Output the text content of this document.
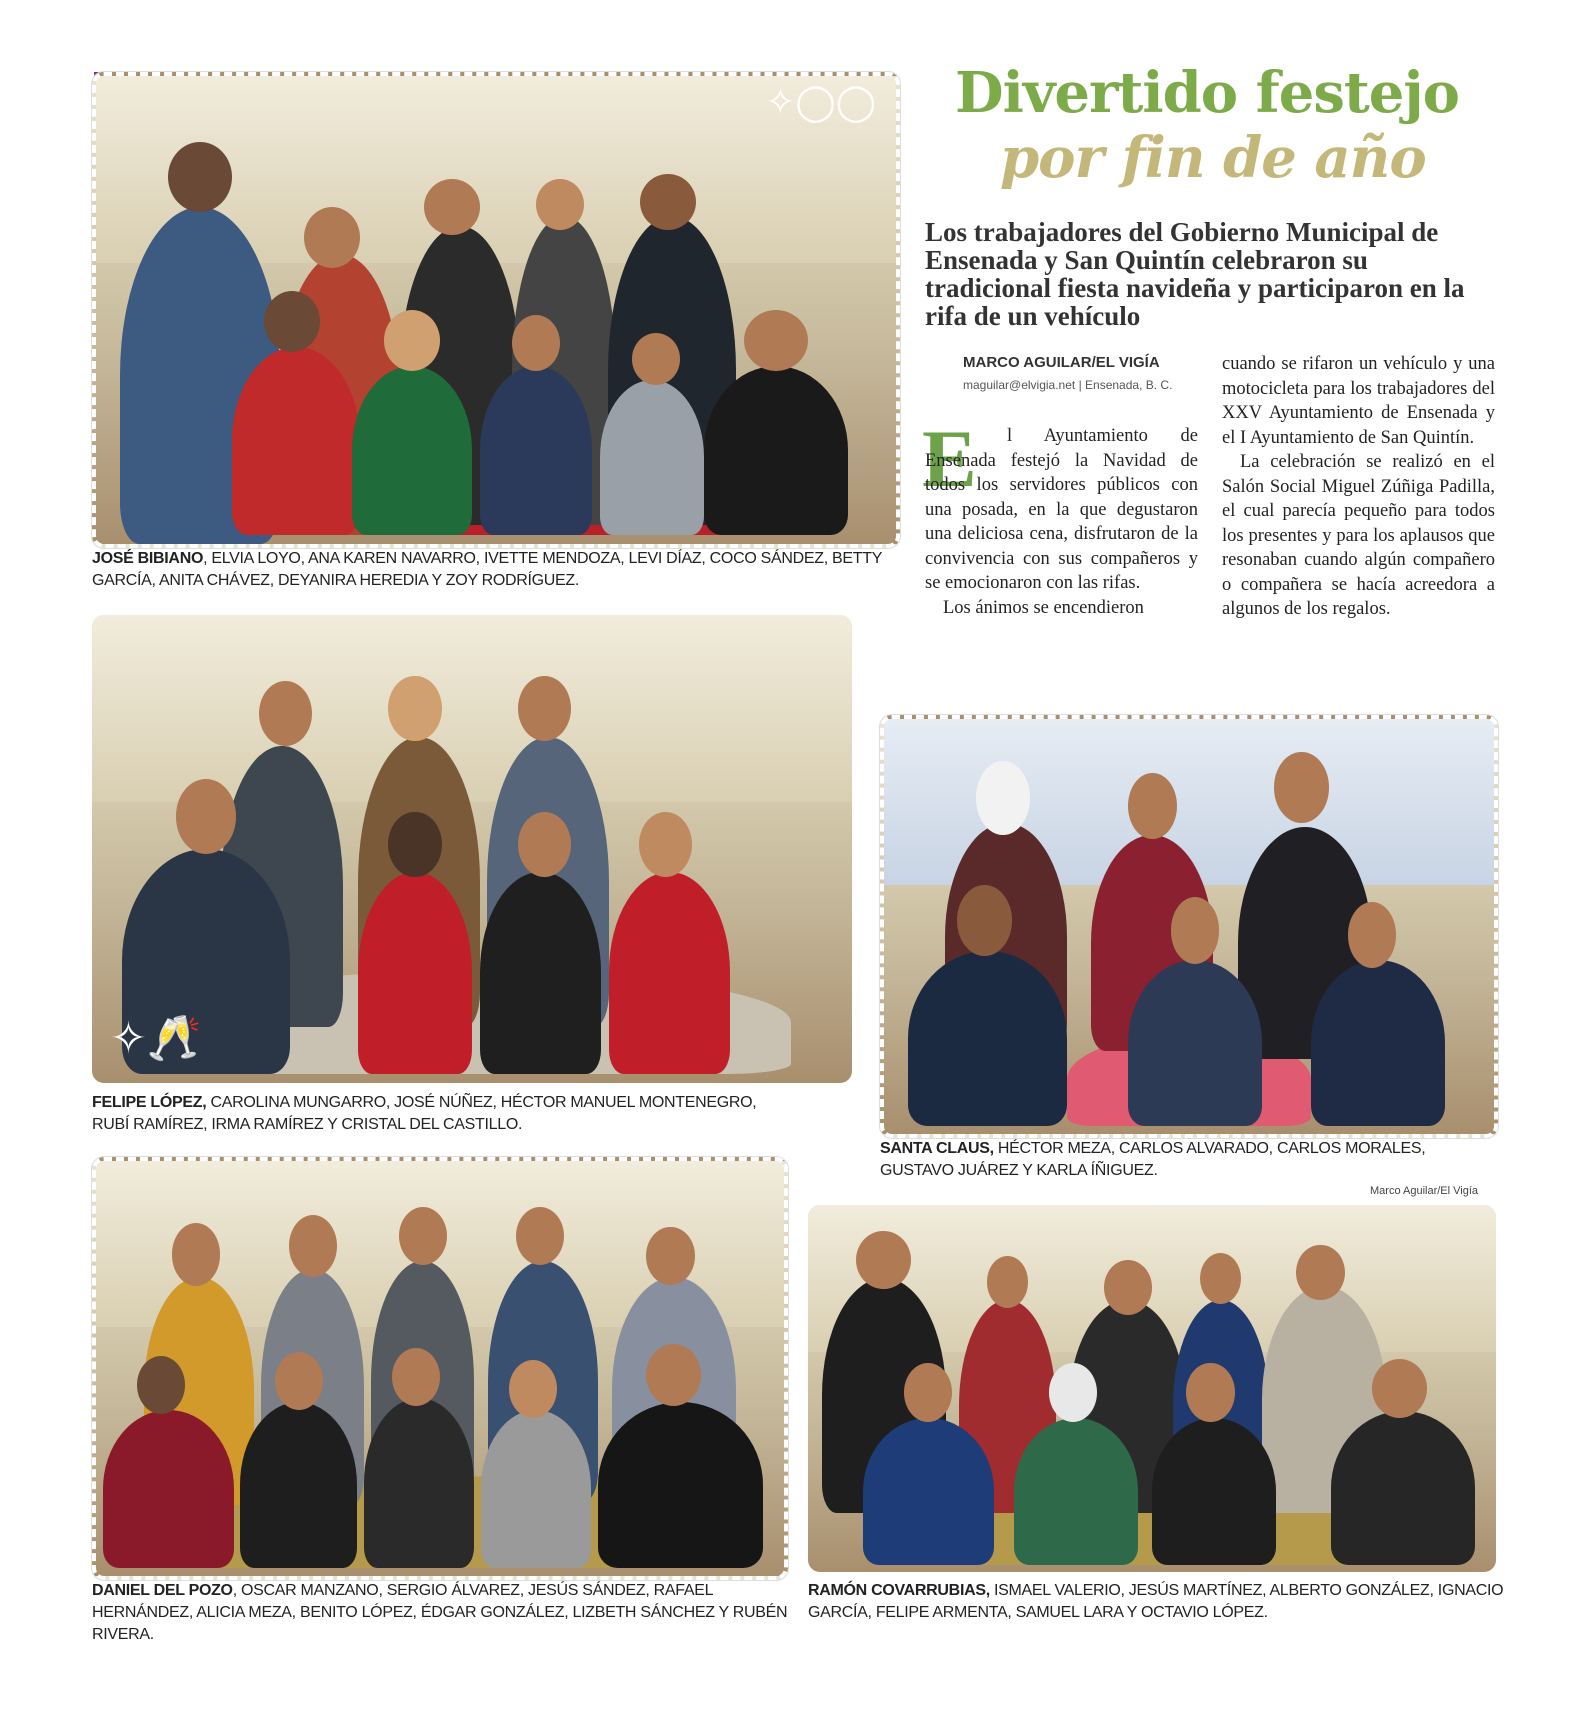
✧◯◯
JOSÉ BIBIANO, ELVIA LOYO, ANA KAREN NAVARRO, IVETTE MENDOZA, LEVI DÍAZ, COCO SÁNDEZ, BETTY GARCÍA, ANITA CHÁVEZ, DEYANIRA HEREDIA Y ZOY RODRÍGUEZ.
✧🥂
FELIPE LÓPEZ, CAROLINA MUNGARRO, JOSÉ NÚÑEZ, HÉCTOR MANUEL MONTENEGRO, RUBÍ RAMÍREZ, IRMA RAMÍREZ Y CRISTAL DEL CASTILLO.
SANTA CLAUS, HÉCTOR MEZA, CARLOS ALVARADO, CARLOS MORALES, GUSTAVO JUÁREZ Y KARLA ÍÑIGUEZ.
Marco Aguilar/El Vigía
DANIEL DEL POZO, OSCAR MANZANO, SERGIO ÁLVAREZ, JESÚS SÁNDEZ, RAFAEL HERNÁNDEZ, ALICIA MEZA, BENITO LÓPEZ, ÉDGAR GONZÁLEZ, LIZBETH SÁNCHEZ Y RUBÉN RIVERA.
RAMÓN COVARRUBIAS, ISMAEL VALERIO, JESÚS MARTÍNEZ, ALBERTO GONZÁLEZ, IGNACIO GARCÍA, FELIPE ARMENTA, SAMUEL LARA Y OCTAVIO LÓPEZ.
Divertido festejo
por fin de año
Los trabajadores del Gobierno Municipal de Ensenada y San Quintín celebraron su tradicional fiesta navideña y participaron en la rifa de un vehículo
MARCO AGUILAR/EL VIGÍA
maguilar@elvigia.net | Ensenada, B. C.
E	l Ayuntamiento de Ensenada festejó la Navidad de todos los servidores públicos con una posada, en la que degustaron una deliciosa cena, disfrutaron de la convivencia con sus compañeros y se emocionaron con las rifas.

Los ánimos se encendieron

cuando se rifaron un vehículo y una motocicleta para los trabajadores del XXV Ayuntamiento de Ensenada y el I Ayuntamiento de San Quintín.

La celebración se realizó en el Salón Social Miguel Zúñiga Padilla, el cual parecía pequeño para todos los presentes y para los aplausos que resonaban cuando algún compañero o compañera se hacía acreedora a algunos de los regalos.
